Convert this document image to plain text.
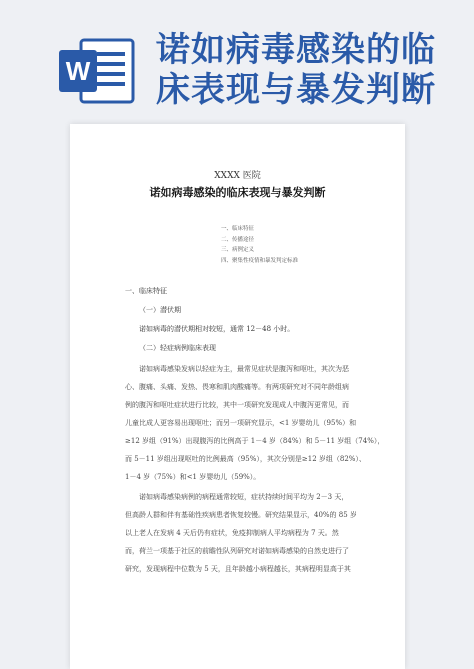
W
诺如病毒感染的临
床表现与暴发判断
XXXX 医院
诺如病毒感染的临床表现与暴发判断
一、临床特征
二、传播途径
三、病例定义
四、聚集性疫情和暴发判定标准
一、临床特征
（一）潜伏期
诺如病毒的潜伏期相对较短，通常 12－48 小时。
（二）轻症病例临床表现
诺如病毒感染发病以轻症为主，最常见症状是腹泻和呕吐，其次为恶
心、腹痛、头痛、发热、畏寒和肌肉酸痛等。有两项研究对不同年龄组病
例的腹泻和呕吐症状进行比较，其中一项研究发现成人中腹泻更常见，而
儿童比成人更容易出现呕吐；而另一项研究显示，<1 岁婴幼儿（95%）和
≥12 岁组（91%）出现腹泻的比例高于 1－4 岁（84%）和 5－11 岁组（74%），
而 5－11 岁组出现呕吐的比例最高（95%），其次分别是≥12 岁组（82%）、
1－4 岁（75%）和<1 岁婴幼儿（59%）。
诺如病毒感染病例的病程通常较短，症状持续时间平均为 2－3 天，
但高龄人群和伴有基础性疾病患者恢复较慢。研究结果显示，40%的 85 岁
以上老人在发病 4 天后仍有症状，免疫抑制病人平均病程为 7 天。然
而，荷兰一项基于社区的前瞻性队列研究对诺如病毒感染的自然史进行了
研究，发现病程中位数为 5 天，且年龄越小病程越长，其病程明显高于其
